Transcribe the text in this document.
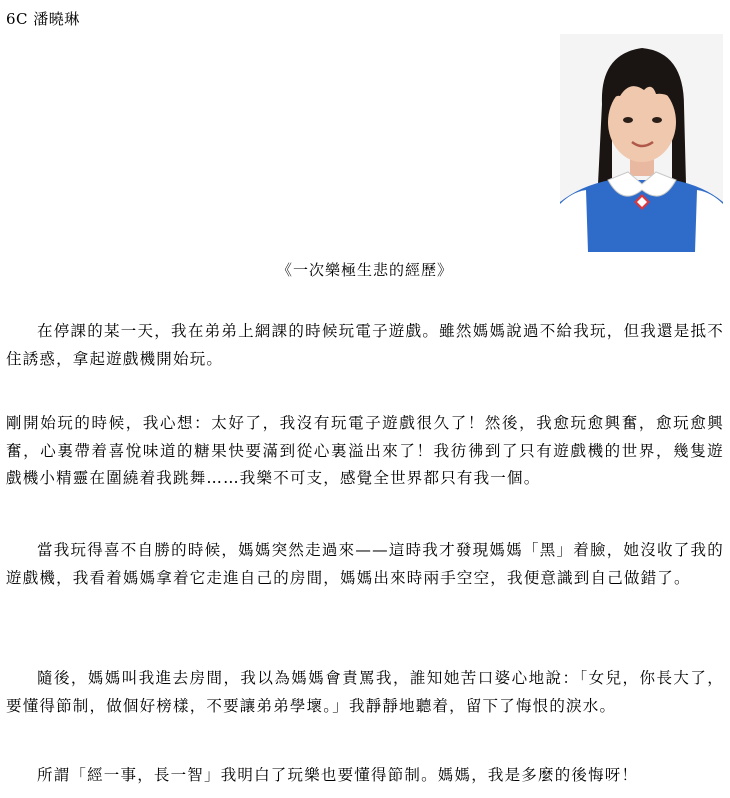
6C 潘曉琳
《一次樂極生悲的經歷》

在停課的某一天，我在弟弟上網課的時候玩電子遊戲。雖然媽媽說過不給我玩，但我還是抵不住誘惑，拿起遊戲機開始玩。

剛開始玩的時候，我心想：太好了，我沒有玩電子遊戲很久了！然後，我愈玩愈興奮，愈玩愈興奮，心裏帶着喜悅味道的糖果快要滿到從心裏溢出來了！我彷彿到了只有遊戲機的世界，幾隻遊戲機小精靈在圍繞着我跳舞……我樂不可支，感覺全世界都只有我一個。

當我玩得喜不自勝的時候，媽媽突然走過來——這時我才發現媽媽「黑」着臉，她沒收了我的遊戲機，我看着媽媽拿着它走進自己的房間，媽媽出來時兩手空空，我便意識到自己做錯了。

隨後，媽媽叫我進去房間，我以為媽媽會責罵我，誰知她苦口婆心地說：「女兒，你長大了，要懂得節制，做個好榜樣，不要讓弟弟學壞。」我靜靜地聽着，留下了悔恨的淚水。

所謂「經一事，長一智」我明白了玩樂也要懂得節制。媽媽，我是多麼的後悔呀！
